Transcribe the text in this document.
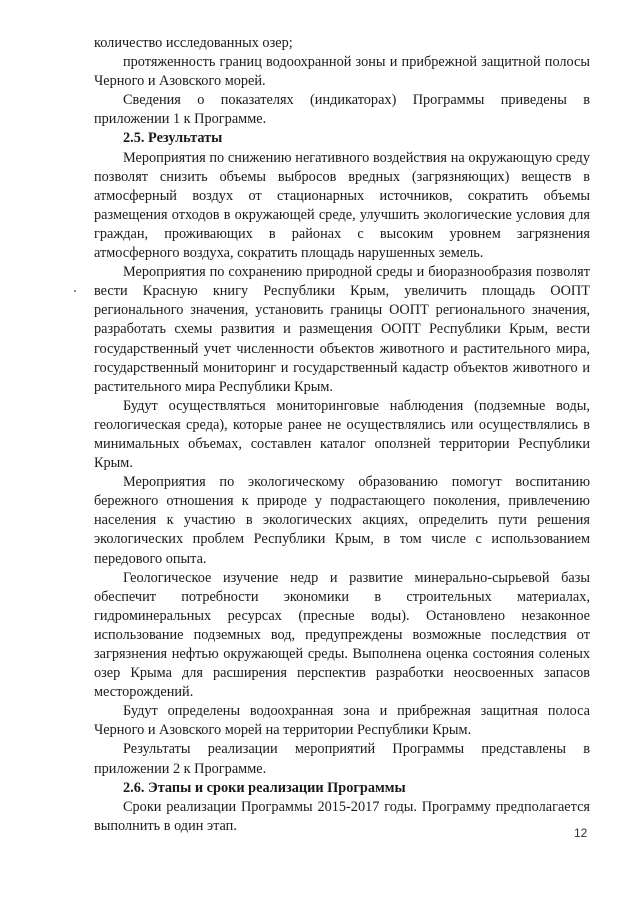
количество исследованных озер;

протяженность границ водоохранной зоны и прибрежной защитной полосы Черного и Азовского морей.

Сведения о показателях (индикаторах) Программы приведены в приложении 1 к Программе.

2.5. Результаты

Мероприятия по снижению негативного воздействия на окружающую среду позволят снизить объемы выбросов вредных (загрязняющих) веществ в атмосферный воздух от стационарных источников, сократить объемы размещения отходов в окружающей среде, улучшить экологические условия для граждан, проживающих в районах с высоким уровнем загрязнения атмосферного воздуха, сократить площадь нарушенных земель.

Мероприятия по сохранению природной среды и биоразнообразия позволят вести Красную книгу Республики Крым, увеличить площадь ООПТ регионального значения, установить границы ООПТ регионального значения, разработать схемы развития и размещения ООПТ Республики Крым, вести государственный учет численности объектов животного и растительного мира, государственный мониторинг и государственный кадастр объектов животного и растительного мира Республики Крым.

Будут осуществляться мониторинговые наблюдения (подземные воды, геологическая среда), которые ранее не осуществлялись или осуществлялись в минимальных объемах, составлен каталог оползней территории Республики Крым.

Мероприятия по экологическому образованию помогут воспитанию бережного отношения к природе у подрастающего поколения, привлечению населения к участию в экологических акциях, определить пути решения экологических проблем Республики Крым, в том числе с использованием передового опыта.

Геологическое изучение недр и развитие минерально-сырьевой базы обеспечит потребности экономики в строительных материалах, гидроминеральных ресурсах (пресные воды). Остановлено незаконное использование подземных вод, предупреждены возможные последствия от загрязнения нефтью окружающей среды. Выполнена оценка состояния соленых озер Крыма для расширения перспектив разработки неосвоенных запасов месторождений.

Будут определены водоохранная зона и прибрежная защитная полоса Черного и Азовского морей на территории Республики Крым.

Результаты реализации мероприятий Программы представлены в приложении 2 к Программе.

2.6. Этапы и сроки реализации Программы

Сроки реализации Программы 2015-2017 годы. Программу предполагается выполнить в один этап.	12
